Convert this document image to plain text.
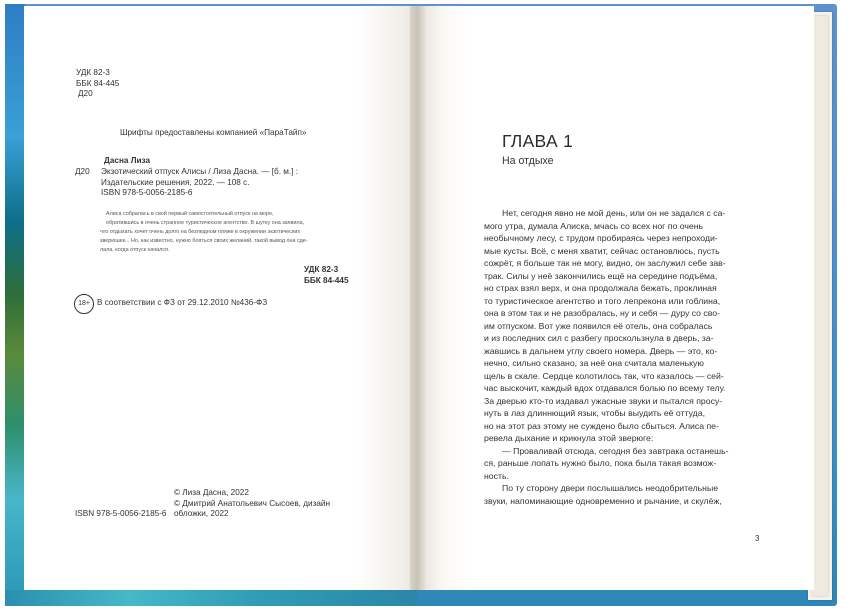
УДК 82-3
ББК 84-445
Д20
Шрифты предоставлены компанией «ПараТайп»
Дасна Лиза
Д20 Экзотический отпуск Алисы / Лиза Дасна. — [б. м.] :
Издательские решения, 2022. — 108 с.
ISBN 978-5-0056-2185-6
Алиса собралась в свой первый самостоятельный отпуск на море,
обратившись в очень странное туристическое агентство. В шутку она заявила,
что отдыхать хочет очень долго на безлюдном пляже в окружении экзотических
зверюшек... Но, как известно, нужно бояться своих желаний, такой вывод она сде-
лала, когда отпуск начался.
УДК 82-3
ББК 84-445
18+ В соответствии с ФЗ от 29.12.2010 №436-ФЗ
© Лиза Дасна, 2022
© Дмитрий Анатольевич Сысоев, дизайн
обложки, 2022
ISBN 978-5-0056-2185-6
ГЛАВА 1
На отдыхе
Нет, сегодня явно не мой день, или он не задался с са-
мого утра, думала Алиска, мчась со всех ног по очень
необычному лесу, с трудом пробираясь через непроходи-
мые кусты. Всё, с меня хватит, сейчас остановлюсь, пусть
сожрёт, я больше так не могу, видно, он заслужил себе зав-
трак. Силы у неё закончились ещё на середине подъёма,
но страх взял верх, и она продолжала бежать, проклиная
то туристическое агентство и того лепрекона или гоблина,
она в этом так и не разобралась, ну и себя — дуру со сво-
им отпуском. Вот уже появился её отель, она собралась
и из последних сил с разбегу проскользнула в дверь, за-
жавшись в дальнем углу своего номера. Дверь — это, ко-
нечно, сильно сказано, за неё она считала маленькую
щель в скале. Сердце колотилось так, что казалось — сей-
час выскочит, каждый вдох отдавался болью по всему телу.
За дверью кто-то издавал ужасные звуки и пытался просу-
нуть в лаз длиннющий язык, чтобы выудить её оттуда,
но на этот раз этому не суждено было сбыться. Алиса пе-
ревела дыхание и крикнула этой зверюге:
— Проваливай отсюда, сегодня без завтрака останешь-
ся, раньше лопать нужно было, пока была такая возмож-
ность.
По ту сторону двери послышались неодобрительные
звуки, напоминающие одновременно и рычание, и скулёж,
3
